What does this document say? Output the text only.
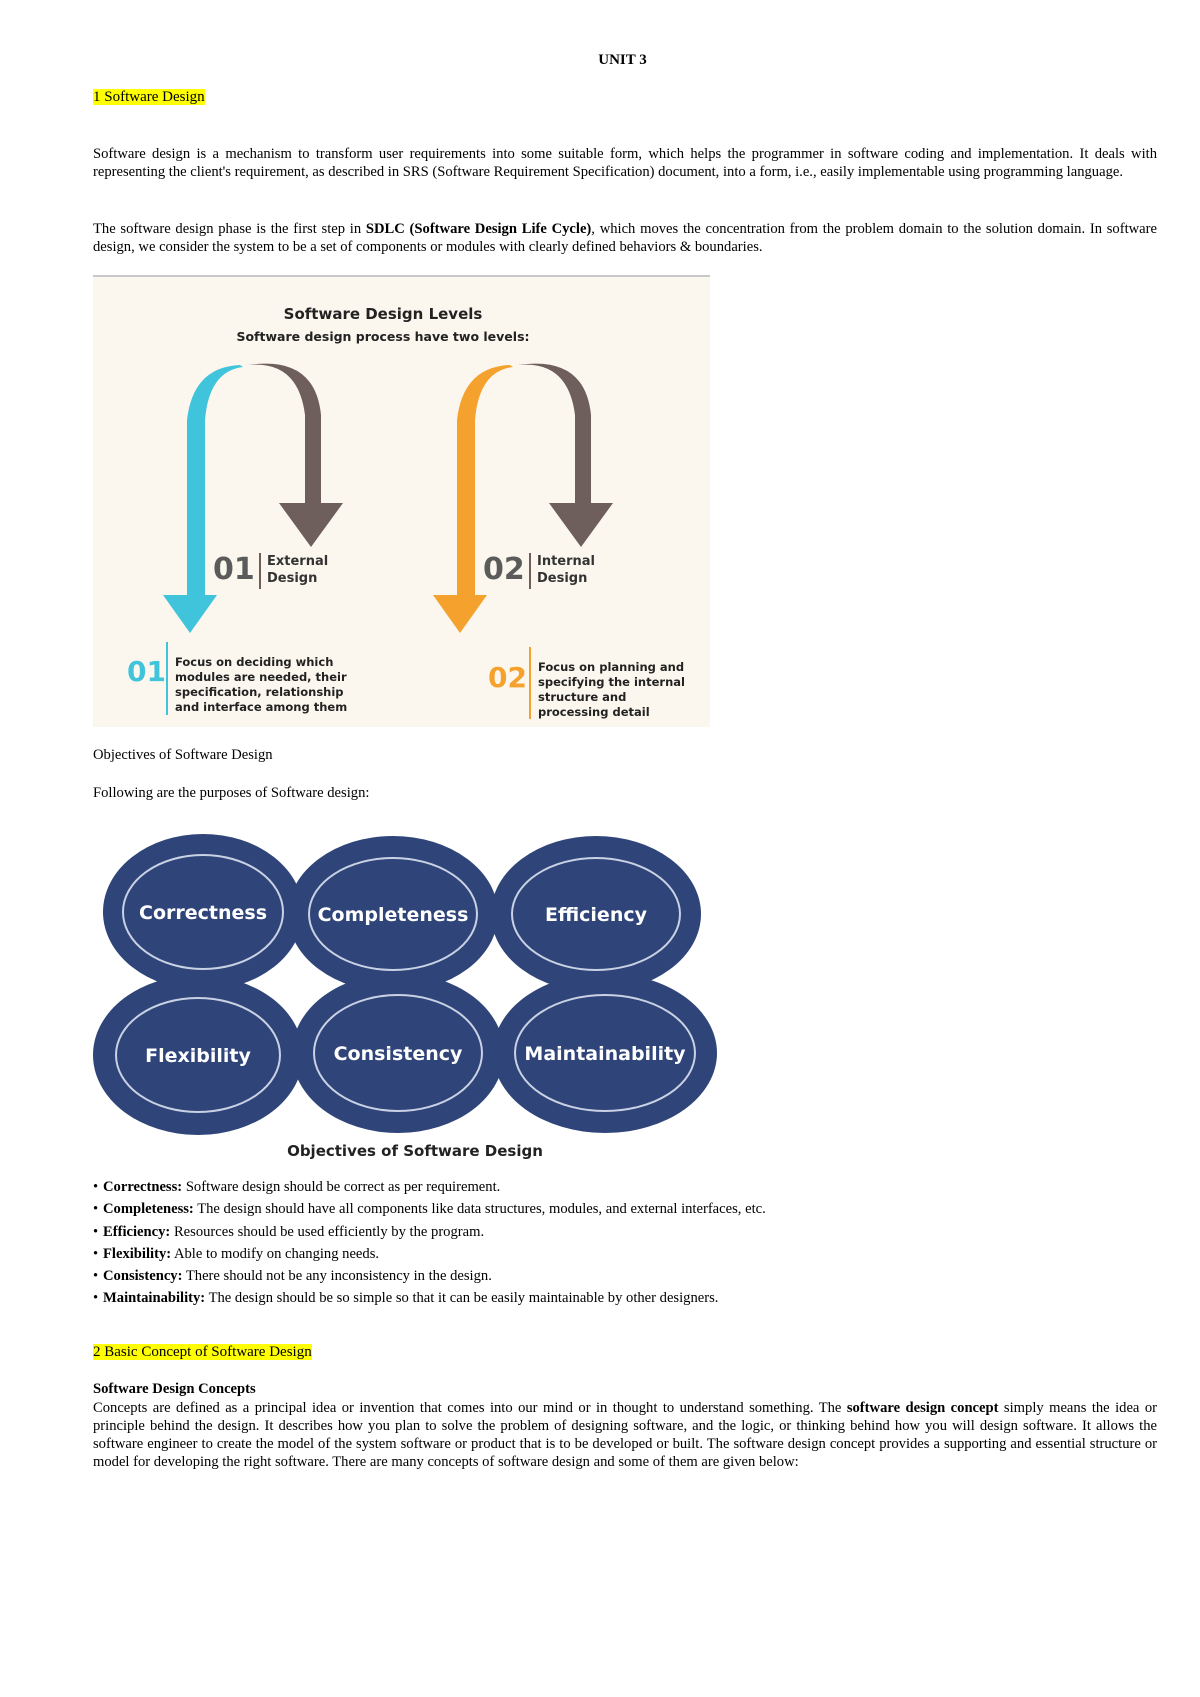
UNIT 3
1 Software Design
Software design is a mechanism to transform user requirements into some suitable form, which helps the programmer in software coding and implementation. It deals with representing the client's requirement, as described in SRS (Software Requirement Specification) document, into a form, i.e., easily implementable using programming language.
The software design phase is the first step in SDLC (Software Design Life Cycle), which moves the concentration from the problem domain to the solution domain. In software design, we consider the system to be a set of components or modules with clearly defined behaviors & boundaries.
Software Design Levels
Software design process have two levels:
01 External
Design	02 Internal
Design
01 Focus on deciding which
modules are needed, their
specification, relationship
and interface among them
02 Focus on planning and
specifying the internal
structure and
processing detail
Objectives of Software Design
Following are the purposes of Software design:
Correctness	Completeness	Efficiency
Flexibility	Consistency	Maintainability
Objectives of Software Design
• Correctness: Software design should be correct as per requirement.
• Completeness: The design should have all components like data structures, modules, and external interfaces, etc.
• Efficiency: Resources should be used efficiently by the program.
• Flexibility: Able to modify on changing needs.
• Consistency: There should not be any inconsistency in the design.
• Maintainability: The design should be so simple so that it can be easily maintainable by other designers.
2 Basic Concept of Software Design
Software Design Concepts
Concepts are defined as a principal idea or invention that comes into our mind or in thought to understand something. The software design concept simply means the idea or principle behind the design. It describes how you plan to solve the problem of designing software, and the logic, or thinking behind how you will design software. It allows the software engineer to create the model of the system software or product that is to be developed or built. The software design concept provides a supporting and essential structure or model for developing the right software. There are many concepts of software design and some of them are given below:
